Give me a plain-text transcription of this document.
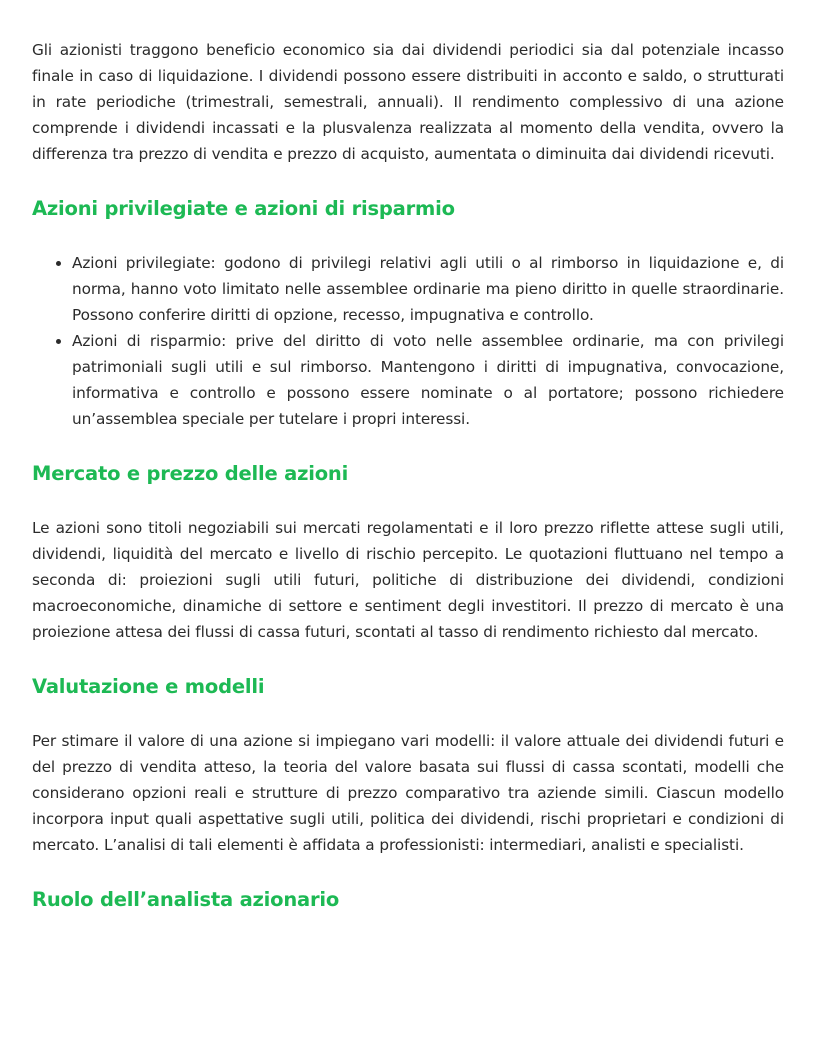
Gli azionisti traggono beneficio economico sia dai dividendi periodici sia dal potenziale incasso finale in caso di liquidazione. I dividendi possono essere distribuiti in acconto e saldo, o strutturati in rate periodiche (trimestrali, semestrali, annuali). Il rendimento complessivo di una azione comprende i dividendi incassati e la plusvalenza realizzata al momento della vendita, ovvero la differenza tra prezzo di vendita e prezzo di acquisto, aumentata o diminuita dai dividendi ricevuti.

Azioni privilegiate e azioni di risparmio
• Azioni privilegiate: godono di privilegi relativi agli utili o al rimborso in liquidazione e, di norma, hanno voto limitato nelle assemblee ordinarie ma pieno diritto in quelle straordinarie. Possono conferire diritti di opzione, recesso, impugnativa e controllo.
• Azioni di risparmio: prive del diritto di voto nelle assemblee ordinarie, ma con privilegi patrimoniali sugli utili e sul rimborso. Mantengono i diritti di impugnativa, convocazione, informativa e controllo e possono essere nominate o al portatore; possono richiedere un’assemblea speciale per tutelare i propri interessi.
Mercato e prezzo delle azioni

Le azioni sono titoli negoziabili sui mercati regolamentati e il loro prezzo riflette attese sugli utili, dividendi, liquidità del mercato e livello di rischio percepito. Le quotazioni fluttuano nel tempo a seconda di: proiezioni sugli utili futuri, politiche di distribuzione dei dividendi, condizioni macroeconomiche, dinamiche di settore e sentiment degli investitori. Il prezzo di mercato è una proiezione attesa dei flussi di cassa futuri, scontati al tasso di rendimento richiesto dal mercato.

Valutazione e modelli

Per stimare il valore di una azione si impiegano vari modelli: il valore attuale dei dividendi futuri e del prezzo di vendita atteso, la teoria del valore basata sui flussi di cassa scontati, modelli che considerano opzioni reali e strutture di prezzo comparativo tra aziende simili. Ciascun modello incorpora input quali aspettative sugli utili, politica dei dividendi, rischi proprietari e condizioni di mercato. L’analisi di tali elementi è affidata a professionisti: intermediari, analisti e specialisti.

Ruolo dell’analista azionario
